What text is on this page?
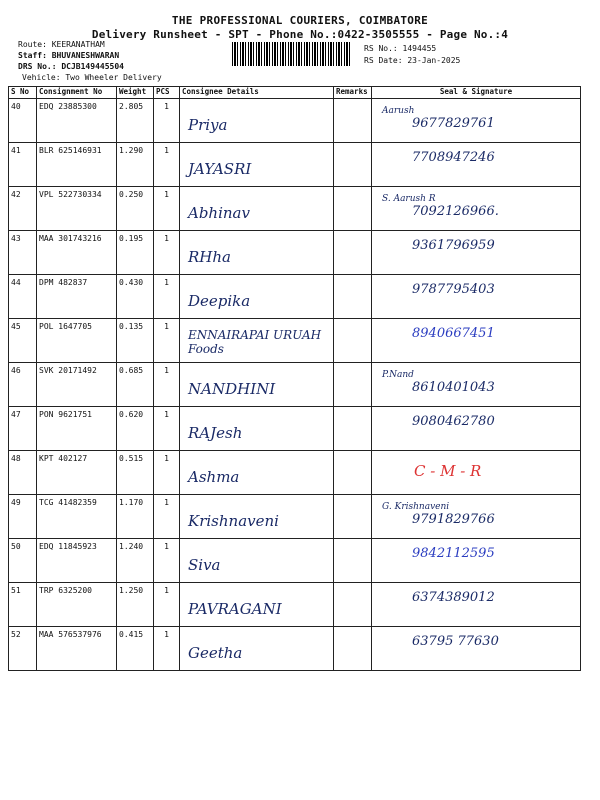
THE PROFESSIONAL COURIERS, COIMBATORE
Delivery Runsheet - SPT - Phone No.:0422-3505555 - Page No.:4
Route: KEERANATHAM
Staff: BHUVANESHWARAN
DRS No.: DCJB149445504
Vehicle: Two Wheeler Delivery
RS No.: 1494455
RS Date: 23-Jan-2025
S No	Consignment No	Weight	PCS	Consignee Details	Remarks	Seal & Signature
40	EDQ 23885300	2.805	1	Priya		Aarush
9677829761

41	BLR 625146931	1.290	1	JAYASRI		7708947246

42	VPL 522730334	0.250	1	Abhinav		S. Aarush R
7092126966.

43	MAA 301743216	0.195	1	RHha		9361796959

44	DPM 482837	0.430	1	Deepika		9787795403

45	POL 1647705	0.135	1	ENNAIRAPAI URUAH Foods		8940667451

46	SVK 20171492	0.685	1	NANDHINI		P.Nand
8610401043

47	PON 9621751	0.620	1	RAJesh		9080462780

48	KPT 402127	0.515	1	Ashma		C - M - R

49	TCG 41482359	1.170	1	Krishnaveni		G. Krishnaveni
9791829766

50	EDQ 11845923	1.240	1	Siva		9842112595

51	TRP 6325200	1.250	1	PAVRAGANI		6374389012

52	MAA 576537976	0.415	1	Geetha		63795 77630
